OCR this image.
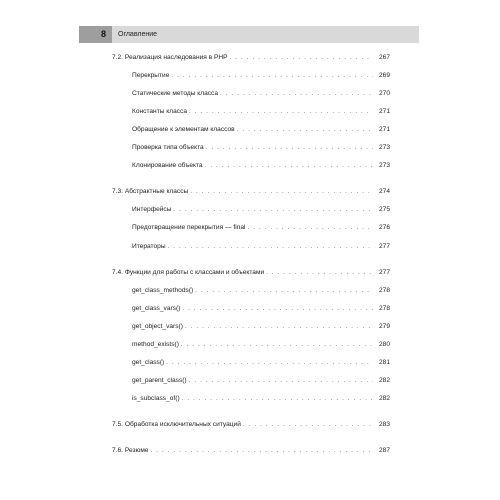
8	Оглавление
7.2. Реализация наследования в PHP . . .	267
Перекрытие . . .	269
Статические методы класса . . .	270
Константы класса . . .	271
Обращение к элементам классов . . .	271
Проверка типа объекта . . .	273
Клонирование объекта . . .	273
7.3. Абстрактные классы . . .	274
Интерфейсы . . .	275
Предотвращение перекрытия — final . . .	276
Итераторы . . .	277
7.4. Функции для работы с классами и объектами . . .	277
get_class_methods() . . .	278
get_class_vars() . . .	278
get_object_vars() . . .	279
method_exists() . . .	280
get_class() . . .	281
get_parent_class() . . .	282
is_subclass_of() . . .	282
7.5. Обработка исключительных ситуаций . . .	283
7.6. Резюме . . .	287
